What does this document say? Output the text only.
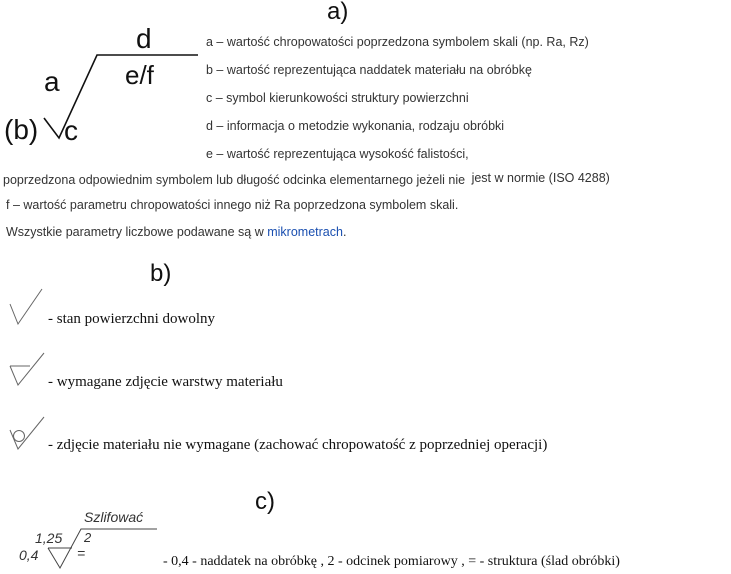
a)
d
e/f
a
(b) c
a – wartość chropowatości poprzedzona symbolem skali (np. Ra, Rz)
b – wartość reprezentująca naddatek materiału na obróbkę
c – symbol kierunkowości struktury powierzchni
d – informacja o metodzie wykonania, rodzaju obróbki
e – wartość reprezentująca wysokość falistości,
poprzedzona odpowiednim symbolem lub długość odcinka elementarnego jeżeli nie jest w normie (ISO 4288)
f – wartość parametru chropowatości innego niż Ra poprzedzona symbolem skali.
Wszystkie parametry liczbowe podawane są w mikrometrach.
b)
- stan powierzchni dowolny
- wymagane zdjęcie warstwy materiału
- zdjęcie materiału nie wymagane (zachować chropowatość z poprzedniej operacji)
c)
Szlifować
1,25 2
0,4	=
- 0,4 - naddatek na obróbkę , 2 - odcinek pomiarowy , = - struktura (ślad obróbki)
